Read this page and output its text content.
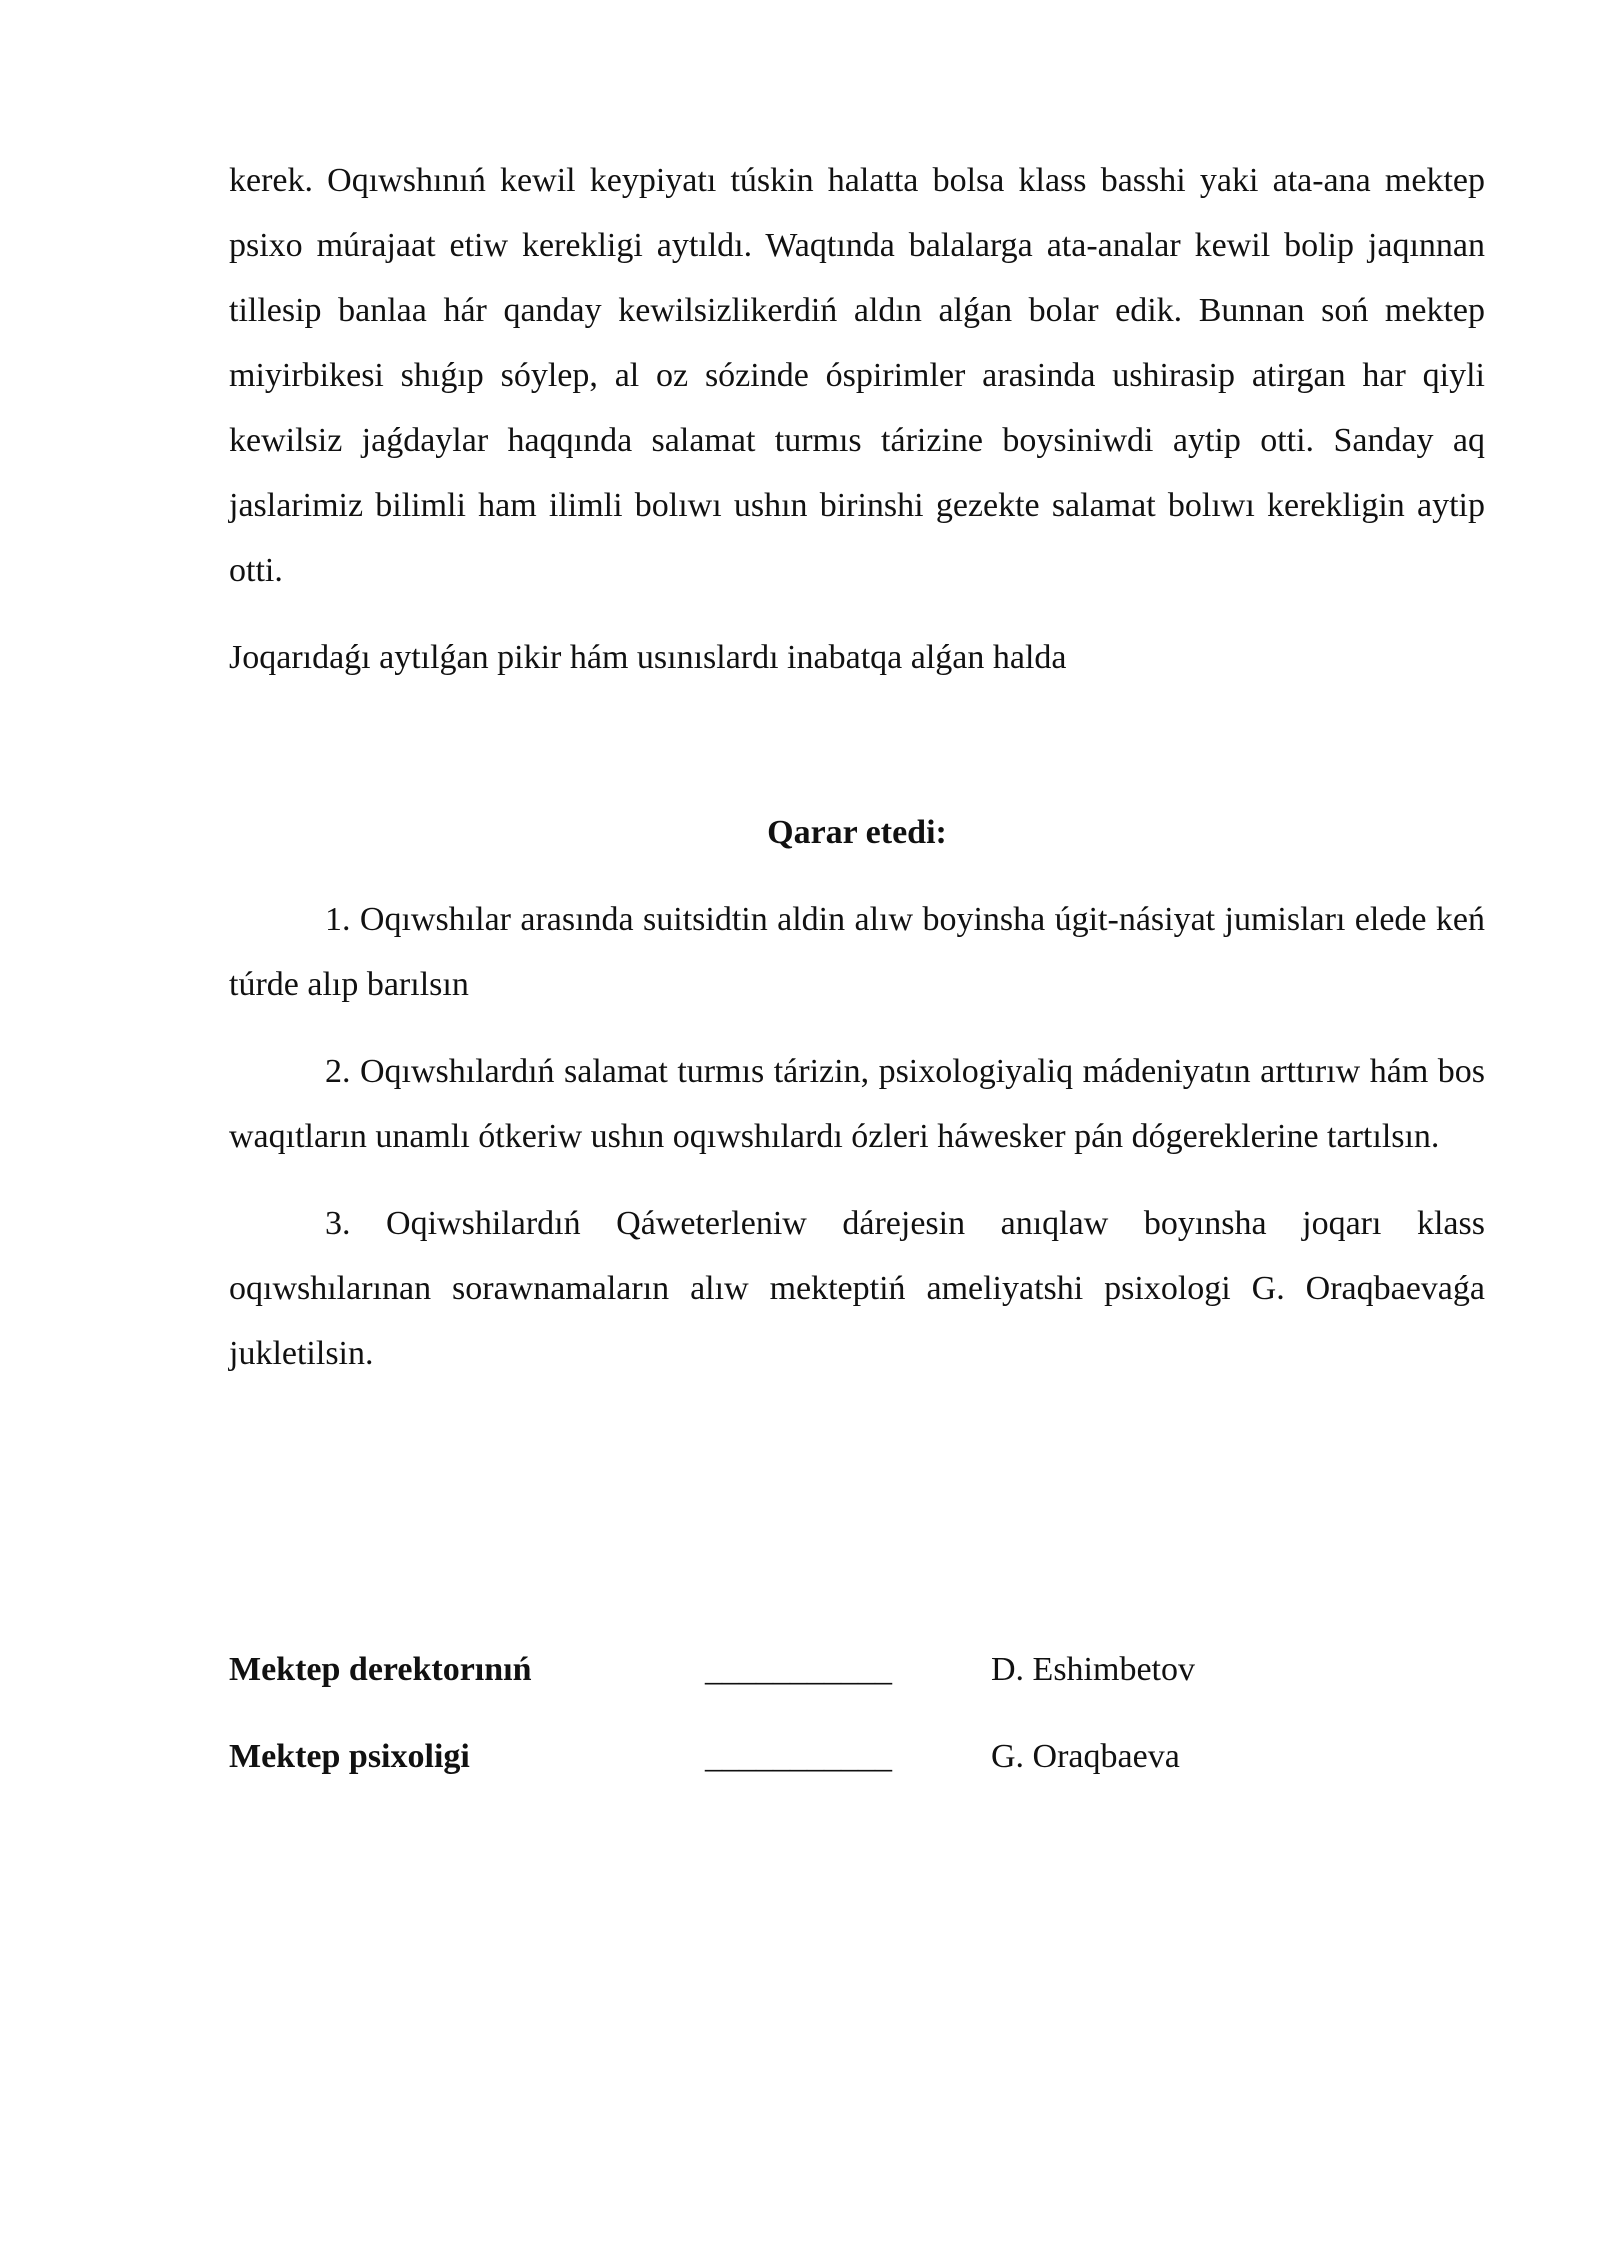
kerek. Oqıwshınıń kewil keypiyatı túskin halatta bolsa klass basshi yaki ata-ana mektep psixo múrajaat etiw kerekligi aytıldı. Waqtında balalarga ata-analar kewil bolip jaqınnan tillesip banlaa hár qanday kewilsizlikerdiń aldın alǵan bolar edik. Bunnan soń mektep miyirbikesi shıǵıp sóylep, al oz sózinde óspirimler arasinda ushirasip atirgan har qiyli kewilsiz jaǵdaylar haqqında salamat turmıs tárizine boysiniwdi aytip otti. Sanday aq jaslarimiz bilimli ham ilimli bolıwı ushın birinshi gezekte salamat bolıwı kerekligin aytip otti.

Joqarıdaǵı aytılǵan pikir hám usınıslardı inabatqa alǵan halda

Qarar etedi:

1. Oqıwshılar arasında suitsidtin aldin alıw boyinsha úgit-násiyat jumisları elede keń túrde alıp barılsın

2. Oqıwshılardıń salamat turmıs tárizin, psixologiyaliq mádeniyatın arttırıw hám bos waqıtların unamlı ótkeriw ushın oqıwshılardı ózleri háwesker pán dógereklerine tartılsın.

3. Oqiwshilardıń Qáweterleniw dárejesin anıqlaw boyınsha joqarı klass oqıwshılarınan sorawnamaların alıw mekteptiń ameliyatshi psixologi G. Oraqbaevaǵa jukletilsin.

Mektep derektorınıń	___________	D. Eshimbetov
Mektep psixoligi	___________	G. Oraqbaeva
